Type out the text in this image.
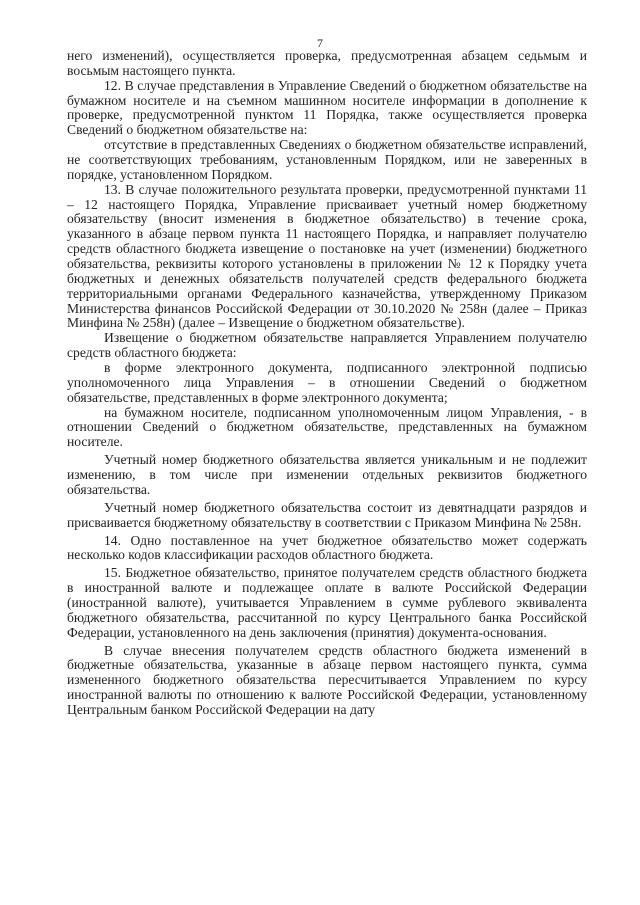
7

него изменений), осуществляется проверка, предусмотренная абзацем седьмым и восьмым настоящего пункта.

12. В случае представления в Управление Сведений о бюджетном обязательстве на бумажном носителе и на съемном машинном носителе информации в дополнение к проверке, предусмотренной пунктом 11 Порядка, также осуществляется проверка Сведений о бюджетном обязательстве на:

отсутствие в представленных Сведениях о бюджетном обязательстве исправлений, не соответствующих требованиям, установленным Порядком, или не заверенных в порядке, установленном Порядком.

13. В случае положительного результата проверки, предусмотренной пунктами 11 – 12 настоящего Порядка, Управление присваивает учетный номер бюджетному обязательству (вносит изменения в бюджетное обязательство) в течение срока, указанного в абзаце первом пункта 11 настоящего Порядка, и направляет получателю средств областного бюджета извещение о постановке на учет (изменении) бюджетного обязательства, реквизиты которого установлены в приложении № 12 к Порядку учета бюджетных и денежных обязательств получателей средств федерального бюджета территориальными органами Федерального казначейства, утвержденному Приказом Министерства финансов Российской Федерации от 30.10.2020 № 258н (далее – Приказ Минфина № 258н) (далее – Извещение о бюджетном обязательстве).

Извещение о бюджетном обязательстве направляется Управлением получателю средств областного бюджета:

в форме электронного документа, подписанного электронной подписью уполномоченного лица Управления – в отношении Сведений о бюджетном обязательстве, представленных в форме электронного документа;

на бумажном носителе, подписанном уполномоченным лицом Управления, - в отношении Сведений о бюджетном обязательстве, представленных на бумажном носителе.

Учетный номер бюджетного обязательства является уникальным и не подлежит изменению, в том числе при изменении отдельных реквизитов бюджетного обязательства.

Учетный номер бюджетного обязательства состоит из девятнадцати разрядов и присваивается бюджетному обязательству в соответствии с Приказом Минфина № 258н.

14. Одно поставленное на учет бюджетное обязательство может содержать несколько кодов классификации расходов областного бюджета.

15. Бюджетное обязательство, принятое получателем средств областного бюджета в иностранной валюте и подлежащее оплате в валюте Российской Федерации (иностранной валюте), учитывается Управлением в сумме рублевого эквивалента бюджетного обязательства, рассчитанной по курсу Центрального банка Российской Федерации, установленного на день заключения (принятия) документа-основания.

В случае внесения получателем средств областного бюджета изменений в бюджетные обязательства, указанные в абзаце первом настоящего пункта, сумма измененного бюджетного обязательства пересчитывается Управлением по курсу иностранной валюты по отношению к валюте Российской Федерации, установленному Центральным банком Российской Федерации на дату
